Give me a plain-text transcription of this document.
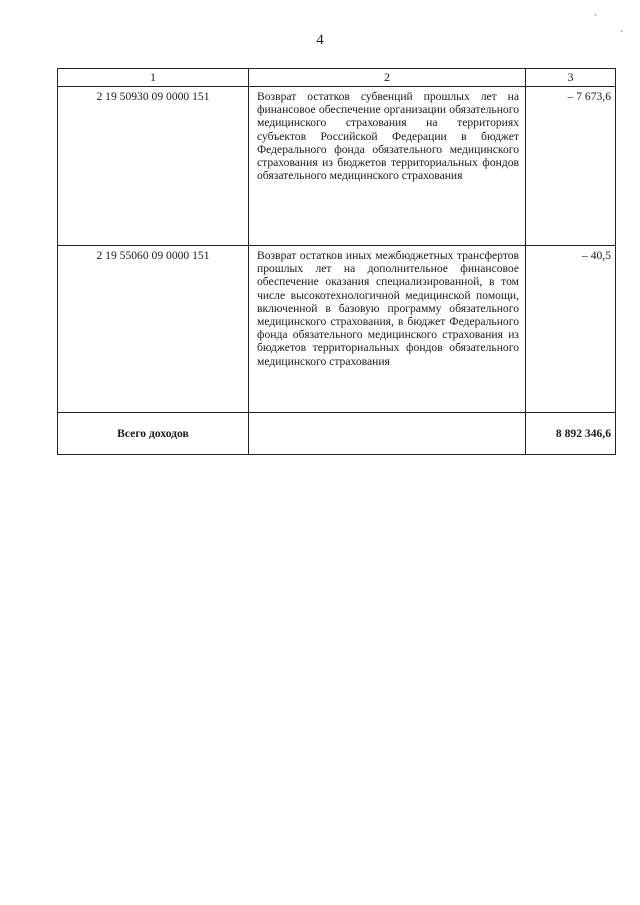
4
ˋ
ˋ
1	2	3
2 19 50930 09 0000 151	Возврат остатков субвенций прошлых лет на финансовое обеспечение организации обязательного медицинского страхования на территориях субъектов Российской Федерации в бюджет Федерального фонда обязательного медицинского страхования из бюджетов территориальных фондов обязательного медицинского страхования	– 7 673,6
2 19 55060 09 0000 151	Возврат остатков иных межбюджетных трансфертов прошлых лет на дополнительное финансовое обеспечение оказания специализированной, в том числе высокотехнологичной медицинской помощи, включенной в базовую программу обязательного медицинского страхования, в бюджет Федерального фонда обязательного медицинского страхования из бюджетов территориальных фондов обязательного медицинского страхования	– 40,5
Всего доходов		8 892 346,6
